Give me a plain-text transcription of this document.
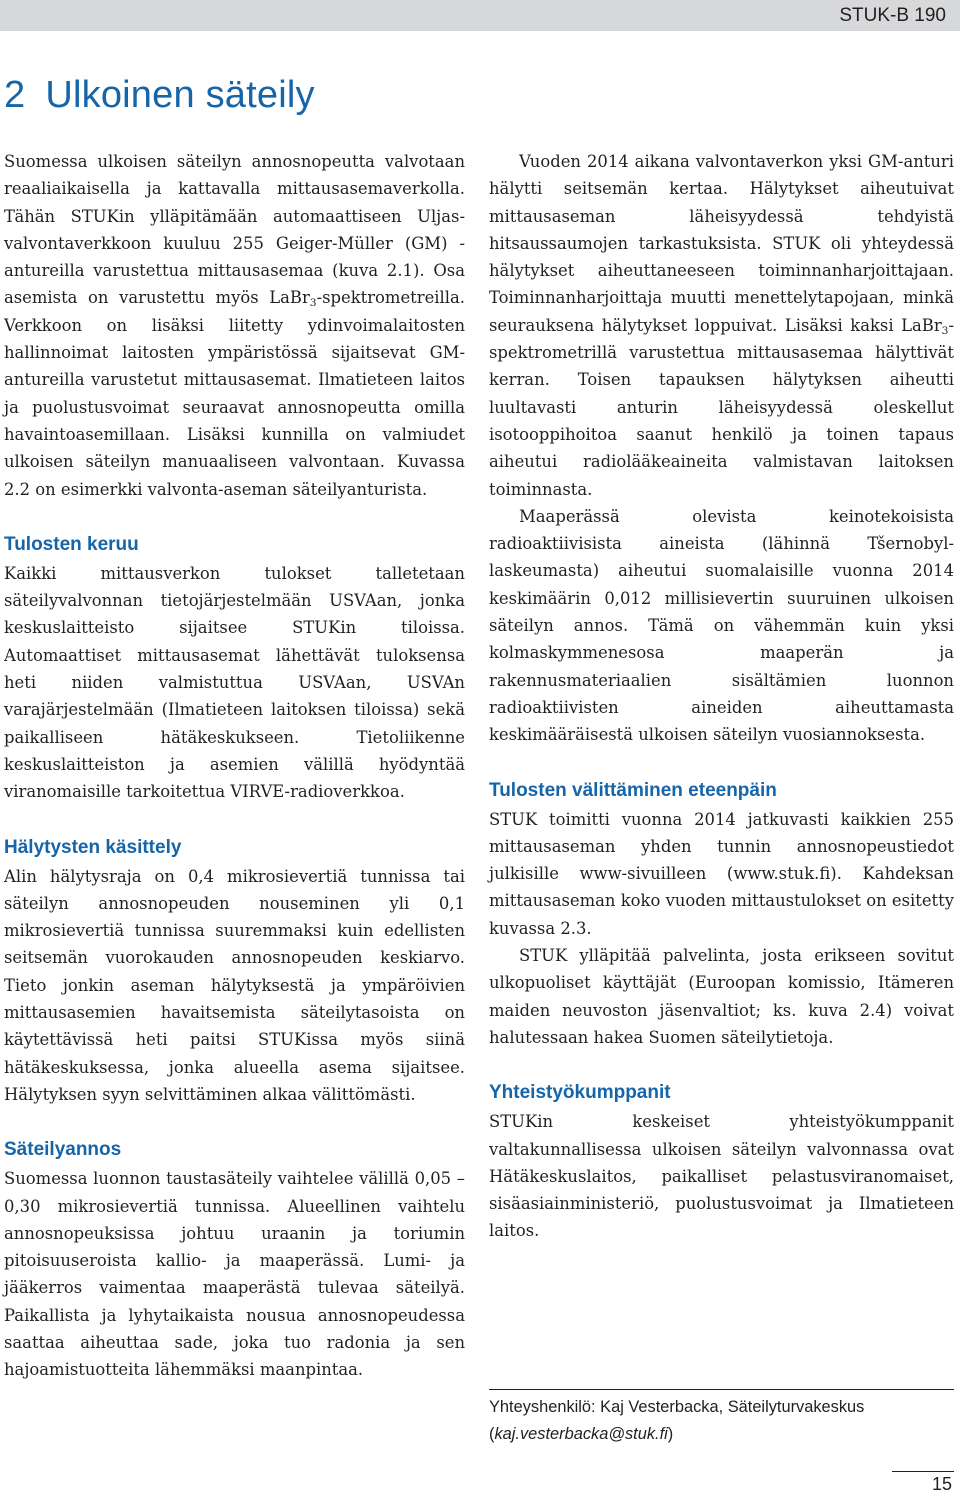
STUK-B 190
2 Ulkoinen säteily

Suomessa ulkoisen säteilyn annosnopeutta valvotaan reaaliaikaisella ja kattavalla mittausasemaverkolla. Tähän STUKin ylläpitämään automaattiseen Uljas-valvontaverkkoon kuuluu 255 Geiger-Müller (GM) -antureilla varustettua mittausasemaa (kuva 2.1). Osa asemista on varustettu myös LaBr$_3$-spektrometreilla. Verkkoon on lisäksi liitetty ydinvoimalaitosten hallinnoimat laitosten ympäristössä sijaitsevat GM-antureilla varustetut mittausasemat. Ilmatieteen laitos ja puolustusvoimat seuraavat annosnopeutta omilla havaintoasemillaan. Lisäksi kunnilla on valmiudet ulkoisen säteilyn manuaaliseen valvontaan. Kuvassa 2.2 on esimerkki valvonta-aseman säteilyanturista.

Tulosten keruu

Kaikki mittausverkon tulokset talletetaan säteilyvalvonnan tietojärjestelmään USVAan, jonka keskuslaitteisto sijaitsee STUKin tiloissa. Automaattiset mittausasemat lähettävät tuloksensa heti niiden valmistuttua USVAan, USVAn varajärjestelmään (Ilmatieteen laitoksen tiloissa) sekä paikalliseen hätäkeskukseen. Tietoliikenne keskuslaitteiston ja asemien välillä hyödyntää viranomaisille tarkoitettua VIRVE-radioverkkoa.

Hälytysten käsittely

Alin hälytysraja on 0,4 mikrosievertiä tunnissa tai säteilyn annosnopeuden nouseminen yli 0,1 mikrosievertiä tunnissa suuremmaksi kuin edellisten seitsemän vuorokauden annosnopeuden keskiarvo. Tieto jonkin aseman hälytyksestä ja ympäröivien mittausasemien havaitsemista säteilytasoista on käytettävissä heti paitsi STUKissa myös siinä hätäkeskuksessa, jonka alueella asema sijaitsee. Hälytyksen syyn selvittäminen alkaa välittömästi.

Säteilyannos

Suomessa luonnon taustasäteily vaihtelee välillä 0,05 – 0,30 mikrosievertiä tunnissa. Alueellinen vaihtelu annosnopeuksissa johtuu uraanin ja toriumin pitoisuuseroista kallio- ja maaperässä. Lumi- ja jääkerros vaimentaa maaperästä tulevaa säteilyä. Paikallista ja lyhytaikaista nousua annosnopeudessa saattaa aiheuttaa sade, joka tuo radonia ja sen hajoamistuotteita lähemmäksi maanpintaa.

Vuoden 2014 aikana valvontaverkon yksi GM-anturi hälytti seitsemän kertaa. Hälytykset aiheutuivat mittausaseman läheisyydessä tehdyistä hitsaussaumojen tarkastuksista. STUK oli yhteydessä hälytykset aiheuttaneeseen toiminnanharjoittajaan. Toiminnanharjoittaja muutti menettelytapojaan, minkä seurauksena hälytykset loppuivat. Lisäksi kaksi LaBr$_3$-spektrometrillä varustettua mittausasemaa hälyttivät kerran. Toisen tapauksen hälytyksen aiheutti luultavasti anturin läheisyydessä oleskellut isotooppihoitoa saanut henkilö ja toinen tapaus aiheutui radiolääkeaineita valmistavan laitoksen toiminnasta.

Maaperässä olevista keinotekoisista radioaktiivisista aineista (lähinnä Tšernobyl-laskeumasta) aiheutui suomalaisille vuonna 2014 keskimäärin 0,012 millisievertin suuruinen ulkoisen säteilyn annos. Tämä on vähemmän kuin yksi kolmaskymmenesosa maaperän ja rakennusmateriaalien sisältämien luonnon radioaktiivisten aineiden aiheuttamasta keskimääräisestä ulkoisen säteilyn vuosiannoksesta.

Tulosten välittäminen eteenpäin

STUK toimitti vuonna 2014 jatkuvasti kaikkien 255 mittausaseman yhden tunnin annosnopeustiedot julkisille www-sivuilleen (www.stuk.fi). Kahdeksan mittausaseman koko vuoden mittaustulokset on esitetty kuvassa 2.3.

STUK ylläpitää palvelinta, josta erikseen sovitut ulkopuoliset käyttäjät (Euroopan komissio, Itämeren maiden neuvoston jäsenvaltiot; ks. kuva 2.4) voivat halutessaan hakea Suomen säteilytietoja.

Yhteistyökumppanit

STUKin keskeiset yhteistyökumppanit valtakunnallisessa ulkoisen säteilyn valvonnassa ovat Hätäkeskuslaitos, paikalliset pelastusviranomaiset, sisäasiainministeriö, puolustusvoimat ja Ilmatieteen laitos.

Yhteyshenkilö: Kaj Vesterbacka, Säteilyturvakeskus (kaj.vesterbacka@stuk.fi)
15
